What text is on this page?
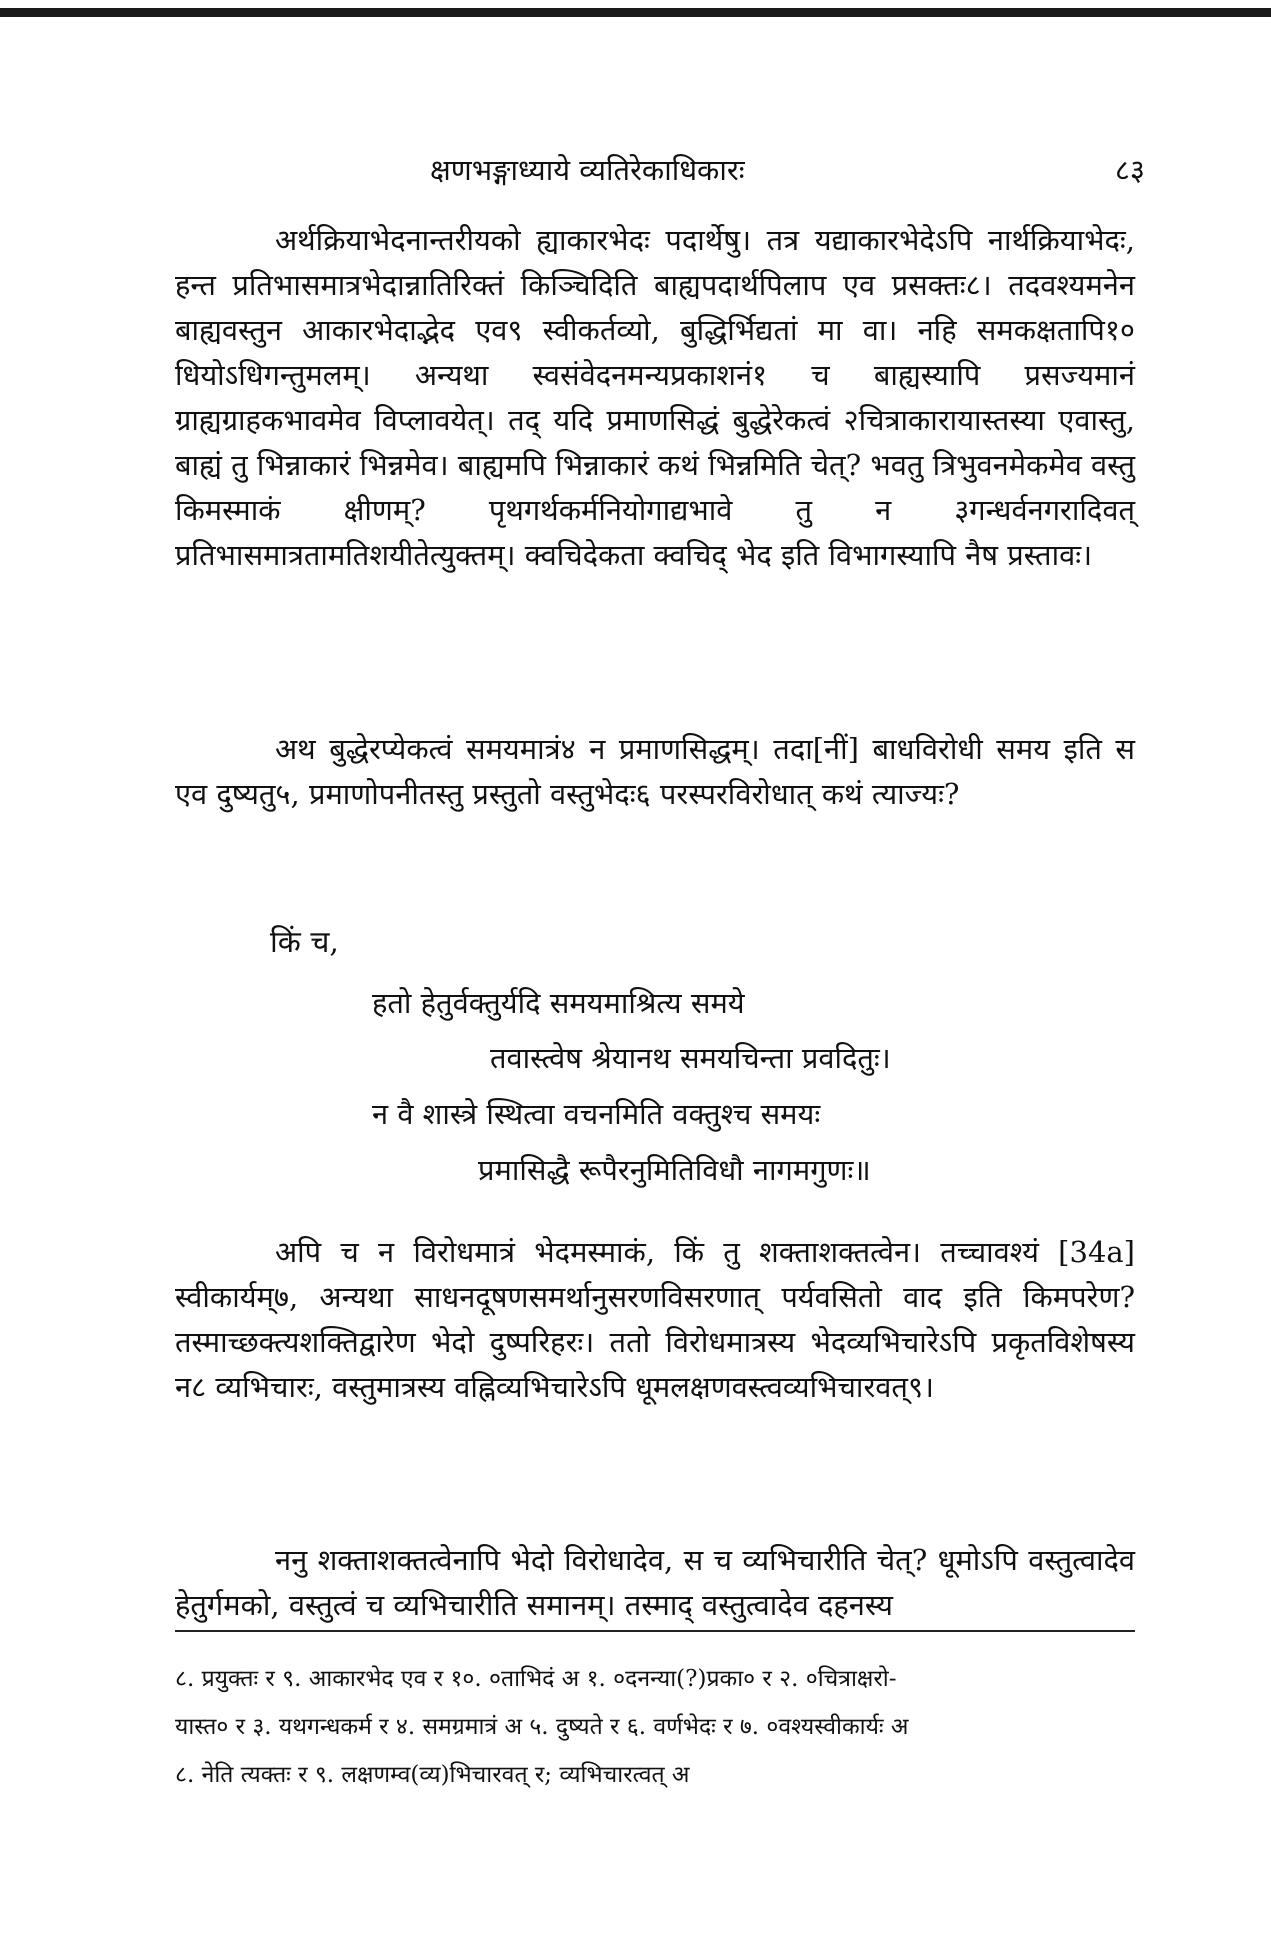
क्षणभङ्गाध्याये व्यतिरेकाधिकारः	८३

अर्थक्रियाभेदनान्तरीयको ह्याकारभेदः पदार्थेषु। तत्र यद्याकारभेदेऽपि नार्थक्रियाभेदः, हन्त प्रतिभासमात्रभेदान्नातिरिक्तं किञ्चिदिति बाह्यपदार्थपिलाप एव प्रसक्तः८। तदवश्यमनेन बाह्यवस्तुन आकारभेदाद्भेद एव९ स्वीकर्तव्यो, बुद्धिर्भिद्यतां मा वा। नहि समकक्षतापि१० धियोऽधिगन्तुमलम्। अन्यथा स्वसंवेदनमन्यप्रकाशनं१ च बाह्यस्यापि प्रसज्यमानं ग्राह्यग्राहकभावमेव विप्लावयेत्। तद् यदि प्रमाणसिद्धं बुद्धेरेकत्वं २चित्राकारायास्तस्या एवास्तु, बाह्यं तु भिन्नाकारं भिन्नमेव। बाह्यमपि भिन्नाकारं कथं भिन्नमिति चेत्? भवतु त्रिभुवनमेकमेव वस्तु किमस्माकं क्षीणम्? पृथगर्थकर्मनियोगाद्यभावे तु न ३गन्धर्वनगरादिवत् प्रतिभासमात्रतामतिशयीतेत्युक्तम्। क्वचिदेकता क्वचिद् भेद इति विभागस्यापि नैष प्रस्तावः।

अथ बुद्धेरप्येकत्वं समयमात्रं४ न प्रमाणसिद्धम्। तदा[नीं] बाधविरोधी समय इति स एव दुष्यतु५, प्रमाणोपनीतस्तु प्रस्तुतो वस्तुभेदः६ परस्परविरोधात् कथं त्याज्यः?

किं च,
हतो हेतुर्वक्तुर्यदि समयमाश्रित्य समये
तवास्त्वेष श्रेयानथ समयचिन्ता प्रवदितुः।
न वै शास्त्रे स्थित्वा वचनमिति वक्तुश्च समयः
प्रमासिद्धै रूपैरनुमितिविधौ नागमगुणः॥

अपि च न विरोधमात्रं भेदमस्माकं, किं तु शक्ताशक्तत्वेन। तच्चावश्यं [34a] स्वीकार्यम्७, अन्यथा साधनदूषणसमर्थानुसरणविसरणात् पर्यवसितो वाद इति किमपरेण? तस्माच्छक्त्यशक्तिद्वारेण भेदो दुष्परिहरः। ततो विरोधमात्रस्य भेदव्यभिचारेऽपि प्रकृतविशेषस्य न८ व्यभिचारः, वस्तुमात्रस्य वह्निव्यभिचारेऽपि धूमलक्षणवस्त्वव्यभिचारवत्९।

ननु शक्ताशक्तत्वेनापि भेदो विरोधादेव, स च व्यभिचारीति चेत्? धूमोऽपि वस्तुत्वादेव हेतुर्गमको, वस्तुत्वं च व्यभिचारीति समानम्। तस्माद् वस्तुत्वादेव दहनस्य

८. प्रयुक्तः र ९. आकारभेद एव र १०. ०ताभिदं अ १. ०दनन्या(?)प्रका० र २. ०चित्राक्षरो-
यास्त० र ३. यथगन्धकर्म र ४. समग्रमात्रं अ ५. दुष्यते र ६. वर्णभेदः र ७. ०वश्यस्वीकार्यः अ
८. नेति त्यक्तः र ९. लक्षणम्व(व्य)भिचारवत् र; व्यभिचारत्वत् अ
